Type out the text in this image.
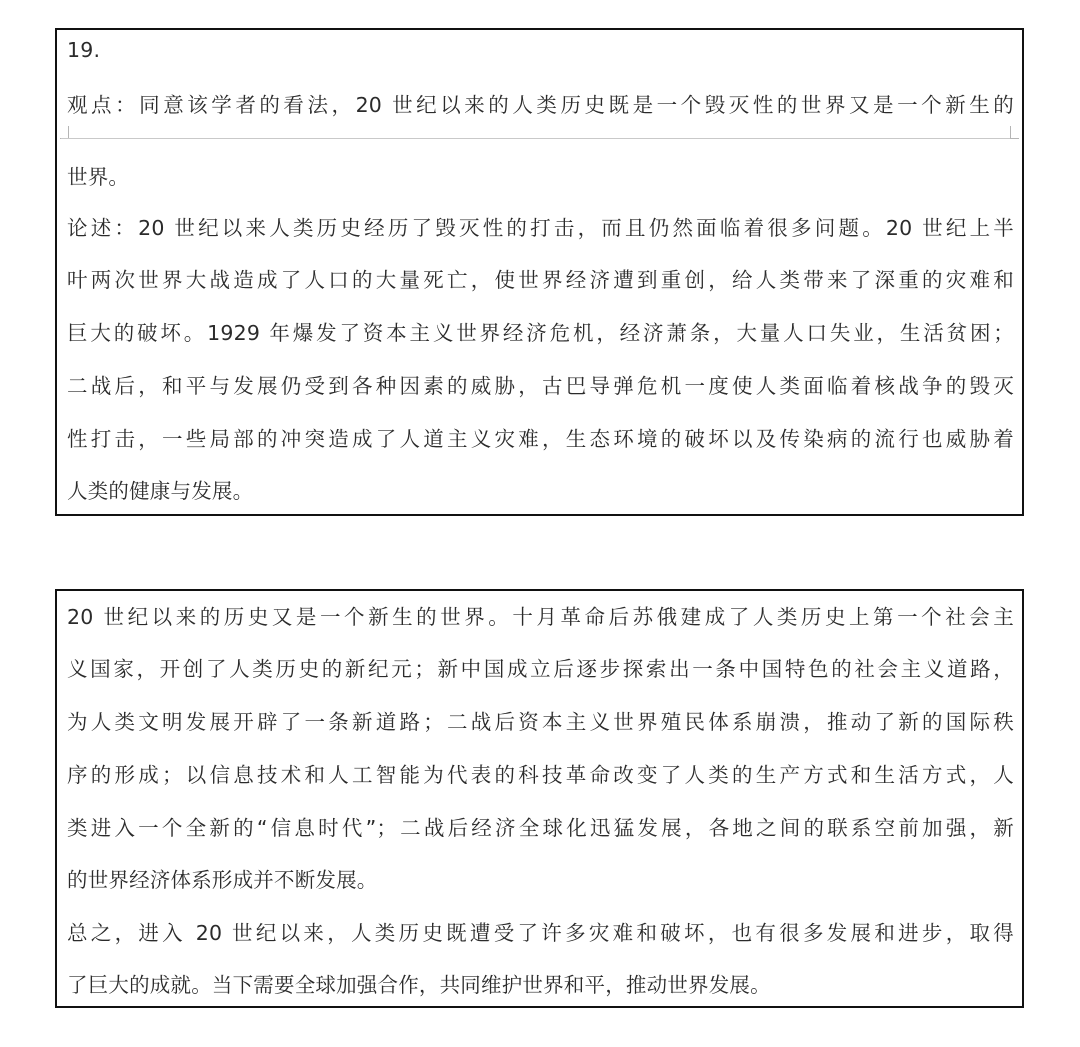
19.
观点：同意该学者的看法，20 世纪以来的人类历史既是一个毁灭性的世界又是一个新生的
世界。
论述：20 世纪以来人类历史经历了毁灭性的打击，而且仍然面临着很多问题。20 世纪上半
叶两次世界大战造成了人口的大量死亡，使世界经济遭到重创，给人类带来了深重的灾难和
巨大的破坏。1929 年爆发了资本主义世界经济危机，经济萧条，大量人口失业，生活贫困；
二战后，和平与发展仍受到各种因素的威胁，古巴导弹危机一度使人类面临着核战争的毁灭
性打击，一些局部的冲突造成了人道主义灾难，生态环境的破坏以及传染病的流行也威胁着
人类的健康与发展。
20 世纪以来的历史又是一个新生的世界。十月革命后苏俄建成了人类历史上第一个社会主
义国家，开创了人类历史的新纪元；新中国成立后逐步探索出一条中国特色的社会主义道路，
为人类文明发展开辟了一条新道路；二战后资本主义世界殖民体系崩溃，推动了新的国际秩
序的形成；以信息技术和人工智能为代表的科技革命改变了人类的生产方式和生活方式，人
类进入一个全新的“信息时代”；二战后经济全球化迅猛发展，各地之间的联系空前加强，新
的世界经济体系形成并不断发展。
总之，进入 20 世纪以来，人类历史既遭受了许多灾难和破坏，也有很多发展和进步，取得
了巨大的成就。当下需要全球加强合作，共同维护世界和平，推动世界发展。
